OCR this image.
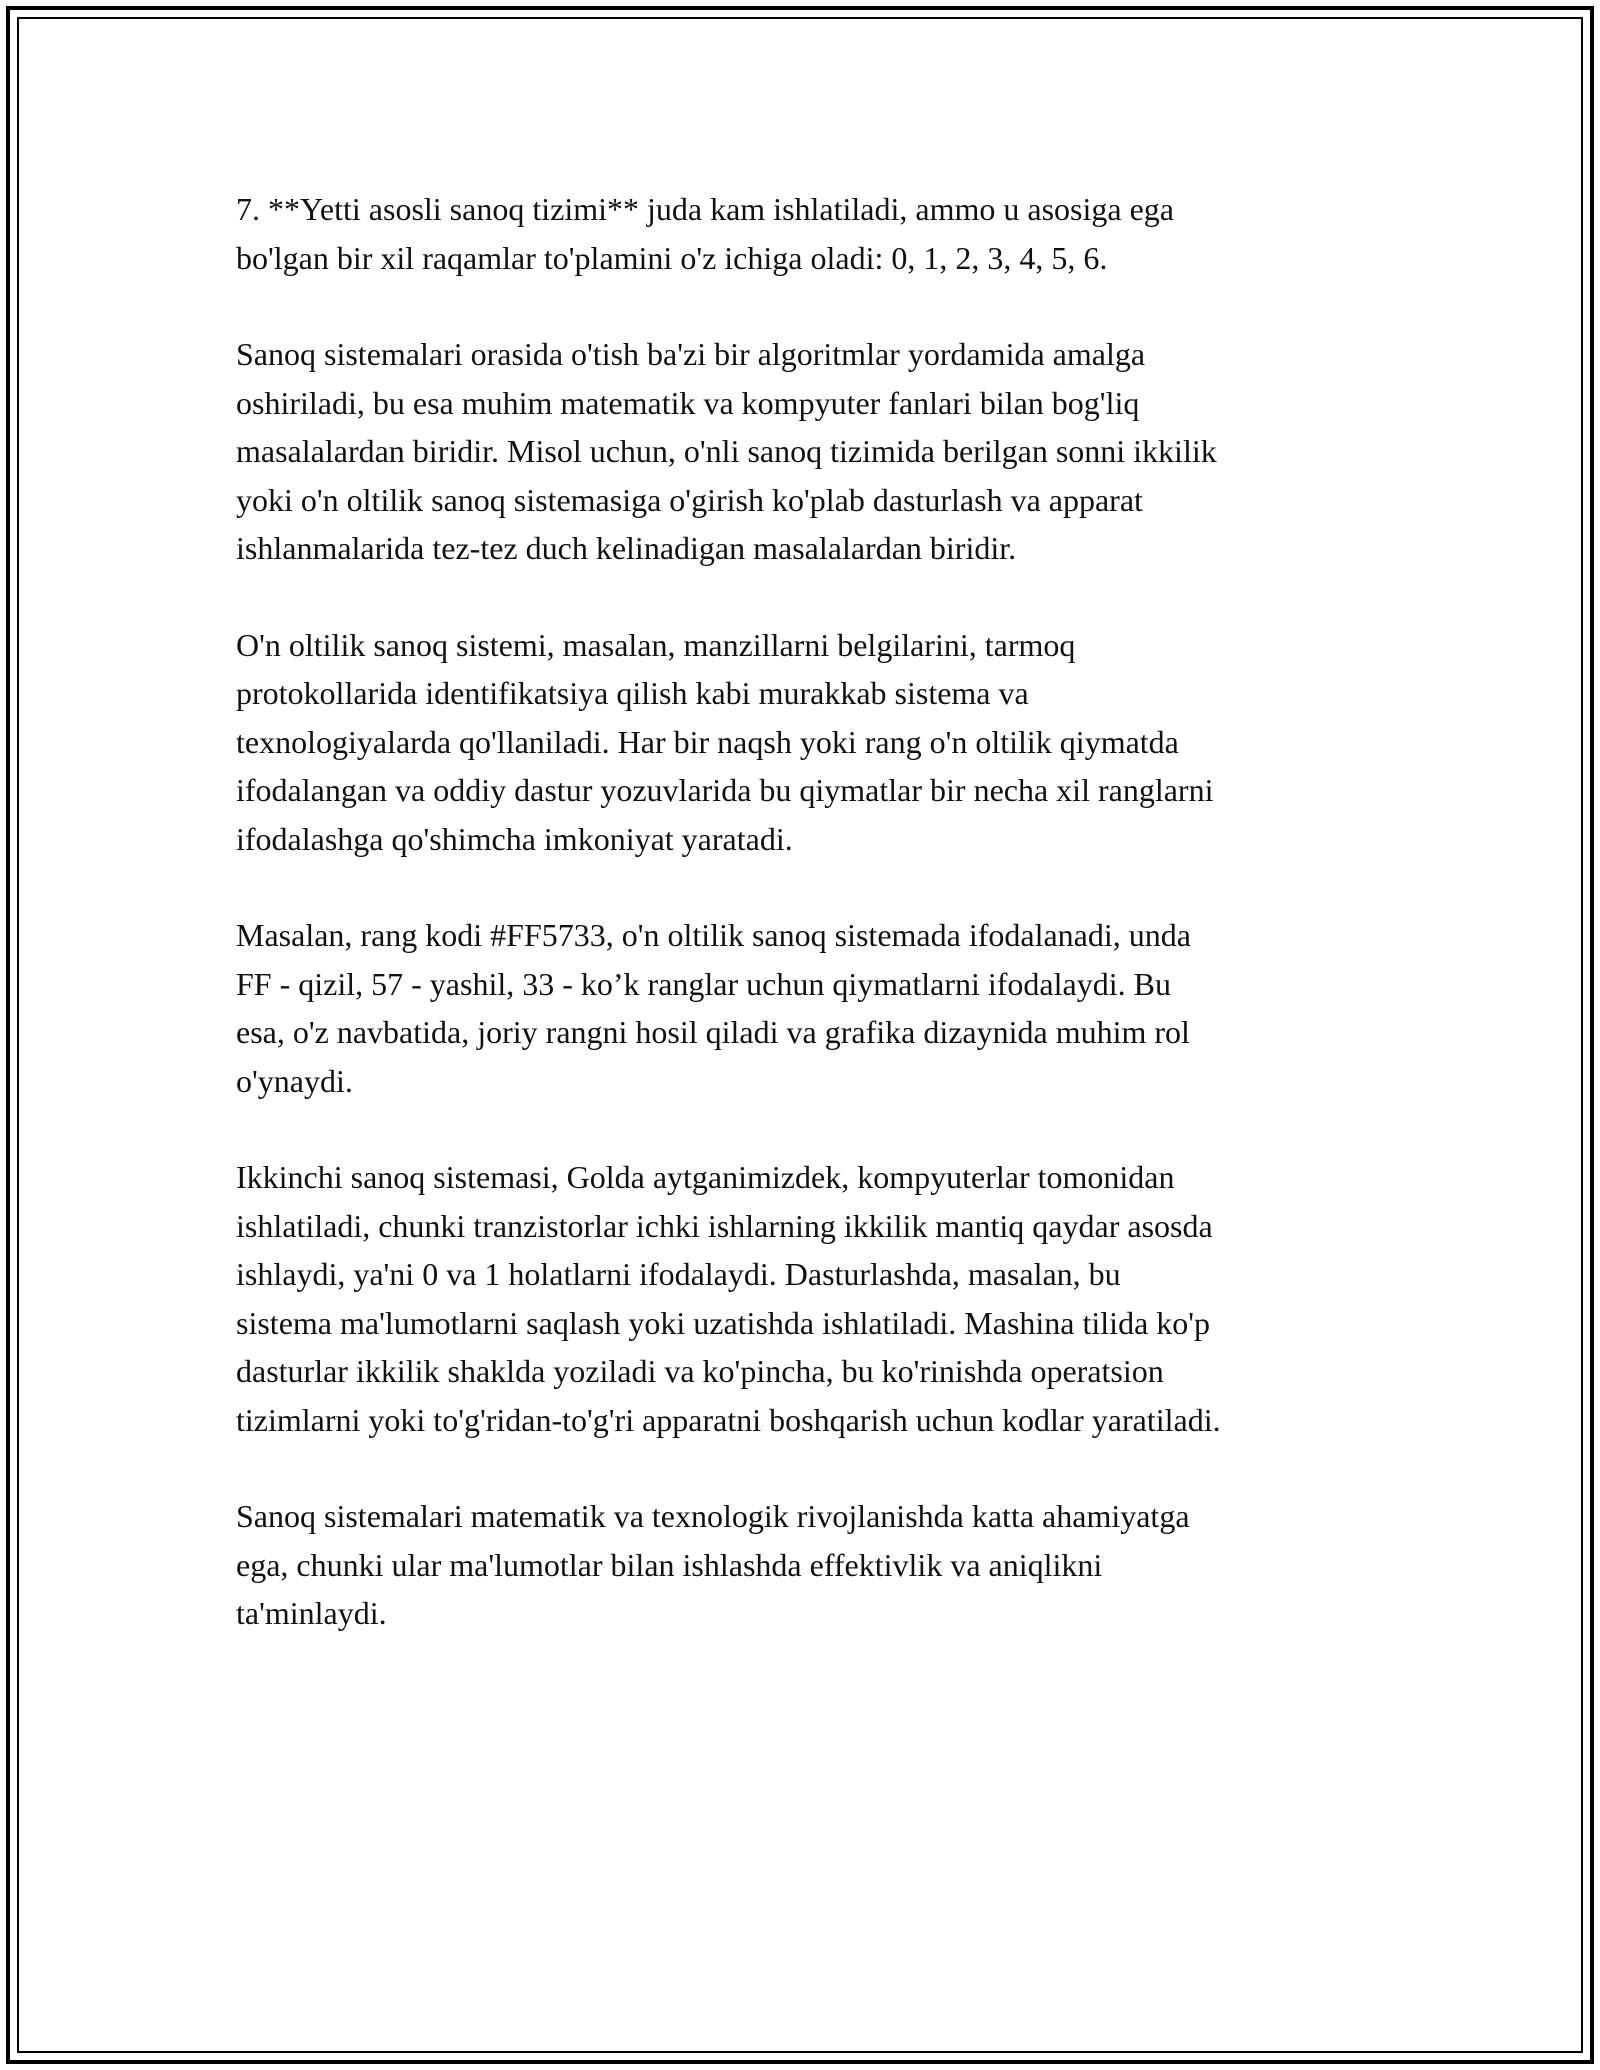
7. **Yetti asosli sanoq tizimi** juda kam ishlatiladi, ammo u asosiga ega
bo'lgan bir xil raqamlar to'plamini o'z ichiga oladi: 0, 1, 2, 3, 4, 5, 6.

Sanoq sistemalari orasida o'tish ba'zi bir algoritmlar yordamida amalga
oshiriladi, bu esa muhim matematik va kompyuter fanlari bilan bog'liq
masalalardan biridir. Misol uchun, o'nli sanoq tizimida berilgan sonni ikkilik
yoki o'n oltilik sanoq sistemasiga o'girish ko'plab dasturlash va apparat
ishlanmalarida tez-tez duch kelinadigan masalalardan biridir.

O'n oltilik sanoq sistemi, masalan, manzillarni belgilarini, tarmoq
protokollarida identifikatsiya qilish kabi murakkab sistema va
texnologiyalarda qo'llaniladi. Har bir naqsh yoki rang o'n oltilik qiymatda
ifodalangan va oddiy dastur yozuvlarida bu qiymatlar bir necha xil ranglarni
ifodalashga qo'shimcha imkoniyat yaratadi.

Masalan, rang kodi #FF5733, o'n oltilik sanoq sistemada ifodalanadi, unda
FF - qizil, 57 - yashil, 33 - ko’k ranglar uchun qiymatlarni ifodalaydi. Bu
esa, o'z navbatida, joriy rangni hosil qiladi va grafika dizaynida muhim rol
o'ynaydi.

Ikkinchi sanoq sistemasi, Golda aytganimizdek, kompyuterlar tomonidan
ishlatiladi, chunki tranzistorlar ichki ishlarning ikkilik mantiq qaydar asosda
ishlaydi, ya'ni 0 va 1 holatlarni ifodalaydi. Dasturlashda, masalan, bu
sistema ma'lumotlarni saqlash yoki uzatishda ishlatiladi. Mashina tilida ko'p
dasturlar ikkilik shaklda yoziladi va ko'pincha, bu ko'rinishda operatsion
tizimlarni yoki to'g'ridan-to'g'ri apparatni boshqarish uchun kodlar yaratiladi.

Sanoq sistemalari matematik va texnologik rivojlanishda katta ahamiyatga
ega, chunki ular ma'lumotlar bilan ishlashda effektivlik va aniqlikni
ta'minlaydi.
